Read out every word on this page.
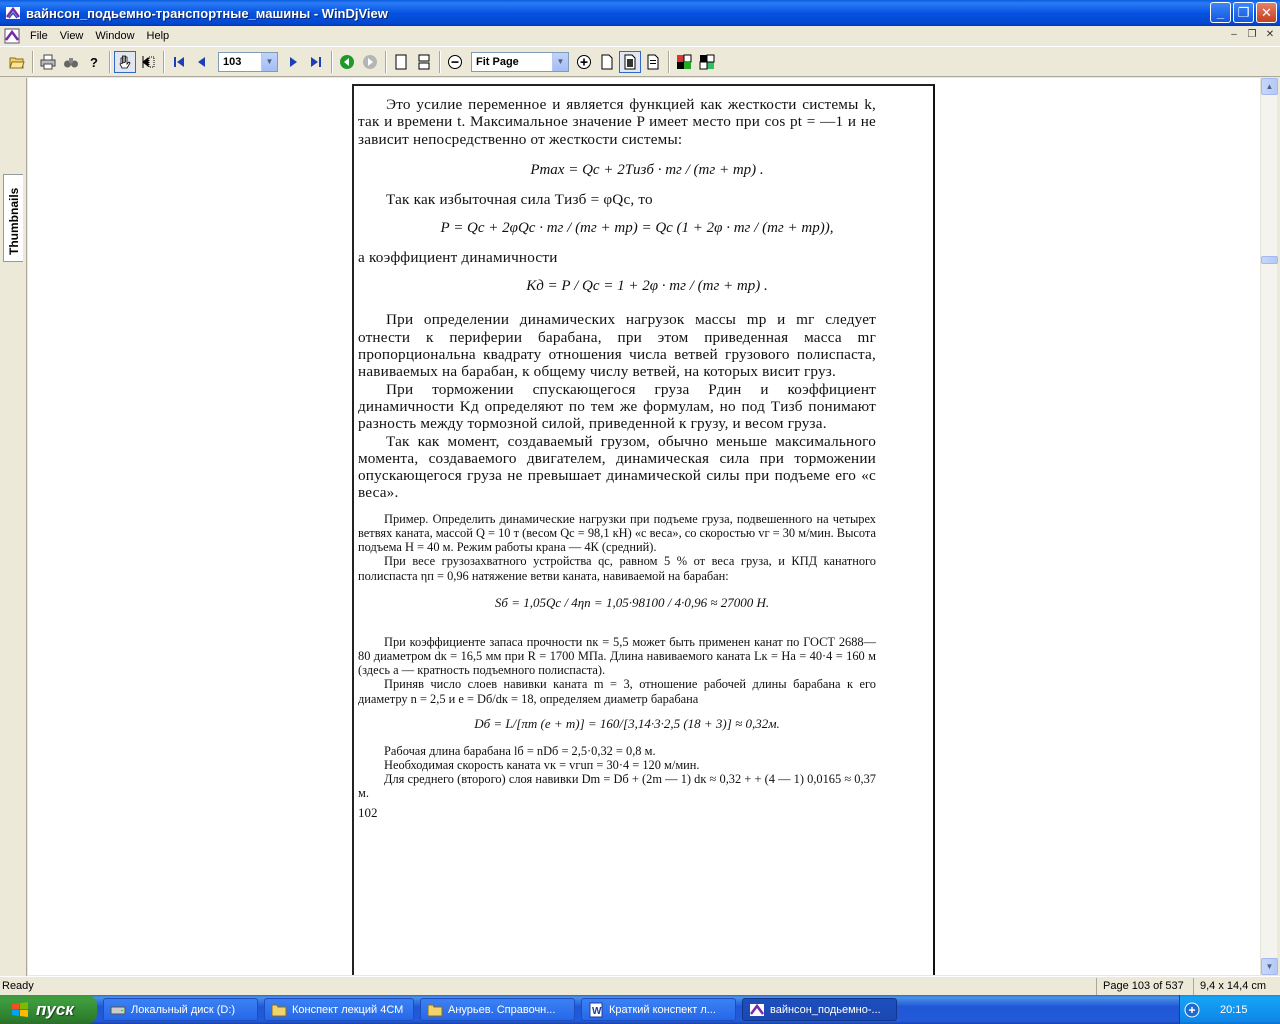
вайнсон_подьемно-транспортные_машины - WinDjView	_	❐ ✕
File	View	Window	Help	‒	❐ ✕
?	103	▼	Fit Page	▼
Thumbnails

Это усилие переменное и является функцией как жесткости системы k, так и времени t. Максимальное значение P имеет место при cos pt = —1 и не зависит непосредственно от жесткости системы:

Pmax = Qc + 2Tизб · mг / (mг + mр) .

Так как избыточная сила Tизб = φQc, то

P = Qc + 2φQc · mг / (mг + mр) = Qc (1 + 2φ · mг / (mг + mр)),

а коэффициент динамичности

Kд = P / Qc = 1 + 2φ · mг / (mг + mр) .

При определении динамических нагрузок массы mр и mг следует отнести к периферии барабана, при этом приведенная масса mг пропорциональна квадрату отношения числа ветвей грузового полиспаста, навиваемых на барабан, к общему числу ветвей, на которых висит груз.

При торможении спускающегося груза Pдин и коэффициент динамичности Kд определяют по тем же формулам, но под Tизб понимают разность между тормозной силой, приведенной к грузу, и весом груза.

Так как момент, создаваемый грузом, обычно меньше максимального момента, создаваемого двигателем, динамическая сила при торможении опускающегося груза не превышает динамической силы при подъеме его «с веса».

Пример. Определить динамические нагрузки при подъеме груза, подвешенного на четырех ветвях каната, массой Q = 10 т (весом Qc = 98,1 кН) «с веса», со скоростью vг = 30 м/мин. Высота подъема H = 40 м. Режим работы крана — 4К (средний).

При весе грузозахватного устройства qc, равном 5 % от веса груза, и КПД канатного полиспаста ηп = 0,96 натяжение ветви каната, навиваемой на барабан:

Sб = 1,05Qc / 4ηп = 1,05·98100 / 4·0,96 ≈ 27000 Н.

При коэффициенте запаса прочности nк = 5,5 может быть применен канат по ГОСТ 2688—80 диаметром dк = 16,5 мм при R = 1700 МПа. Длина навиваемого каната Lк = Ha = 40·4 = 160 м (здесь a — кратность подъемного полиспаста).

Приняв число слоев навивки каната m = 3, отношение рабочей длины барабана к его диаметру n = 2,5 и e = Dб/dк = 18, определяем диаметр барабана

Dб = L/[πm (e + m)] = 160/[3,14·3·2,5 (18 + 3)] ≈ 0,32м.

Рабочая длина барабана lб = nDб = 2,5·0,32 = 0,8 м.

Необходимая скорость каната vк = vгuп = 30·4 = 120 м/мин.

Для среднего (второго) слоя навивки Dm = Dб + (2m — 1) dк ≈ 0,32 + + (4 — 1) 0,0165 ≈ 0,37 м.

102
▲
▼
Ready	Page 103 of 537	9,4 x 14,4 cm
пуск	Локальный диск (D:)	Конспект лекций 4СМ	Анурьев. Справочн...	W Краткий конспект л...	вайнсон_подьемно-...	20:15
